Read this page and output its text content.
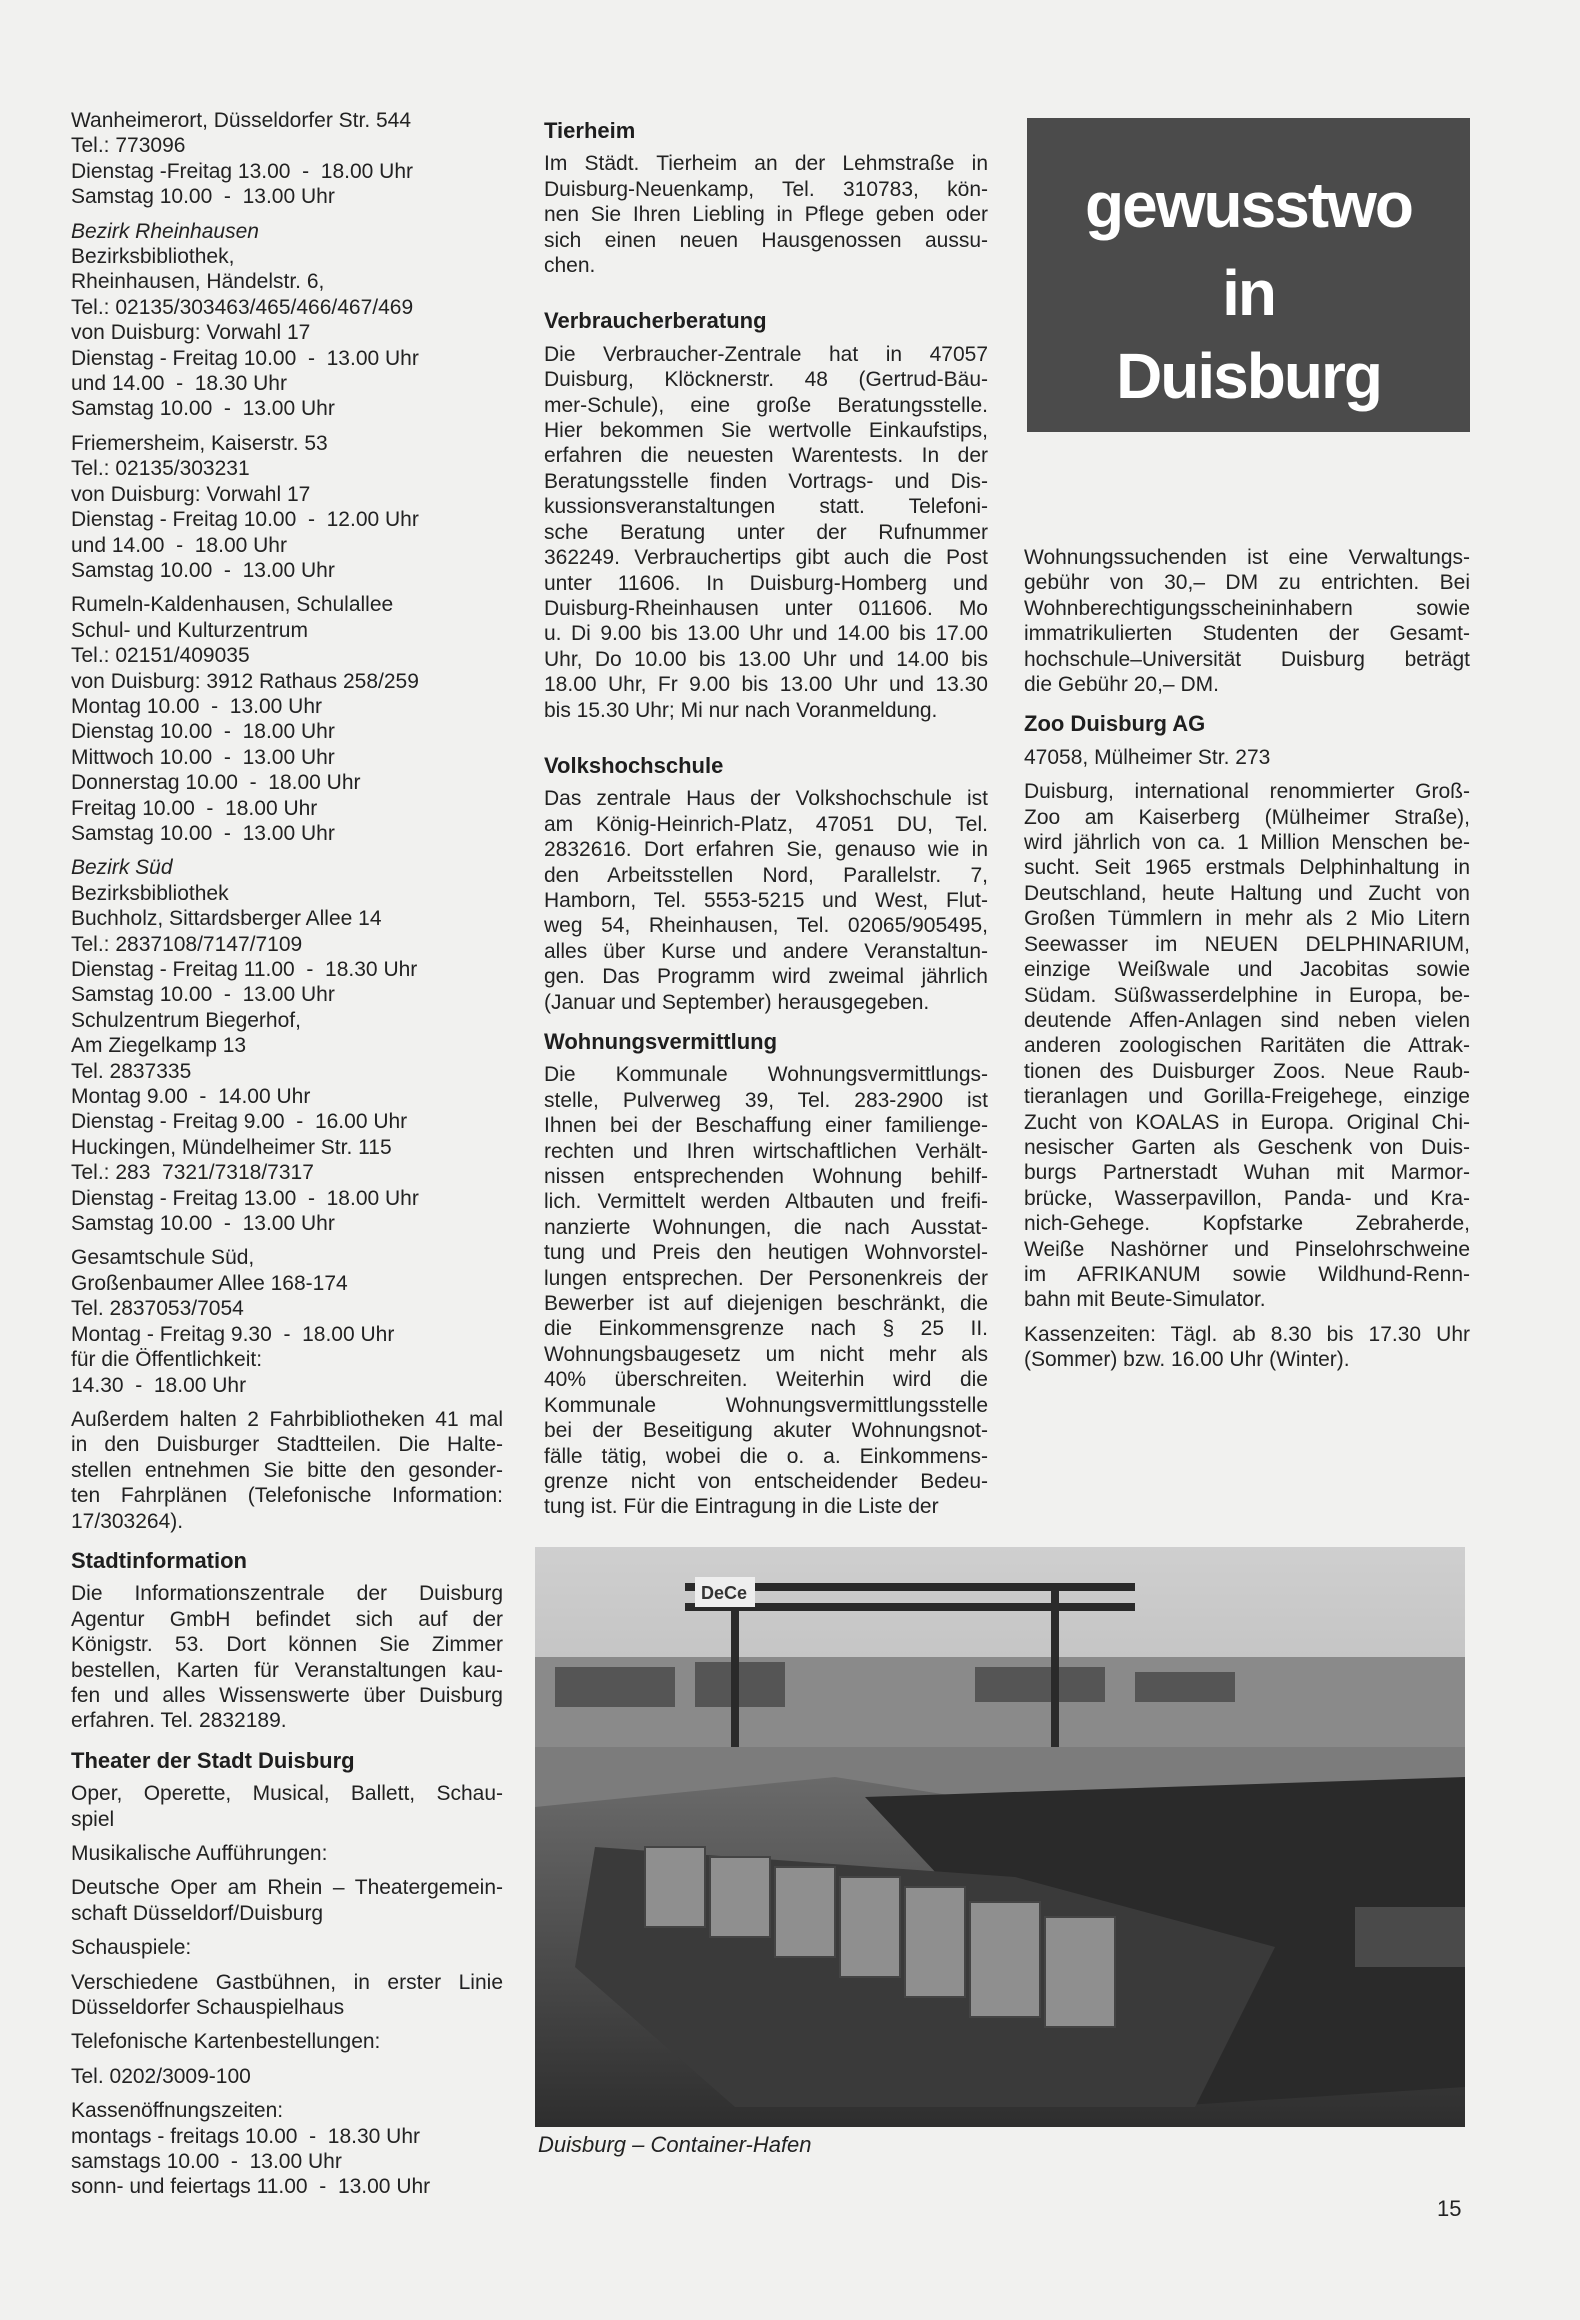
Wanheimerort, Düsseldorfer Str. 544
Tel.: 773096
Dienstag -Freitag 13.00  -  18.00 Uhr
Samstag 10.00  -  13.00 Uhr
Bezirk Rheinhausen
Bezirksbibliothek,
Rheinhausen, Händelstr. 6,
Tel.: 02135/303463/465/466/467/469
von Duisburg: Vorwahl 17
Dienstag - Freitag 10.00  -  13.00 Uhr
und 14.00  -  18.30 Uhr
Samstag 10.00  -  13.00 Uhr
Friemersheim, Kaiserstr. 53
Tel.: 02135/303231
von Duisburg: Vorwahl 17
Dienstag - Freitag 10.00  -  12.00 Uhr
und 14.00  -  18.00 Uhr
Samstag 10.00  -  13.00 Uhr
Rumeln-Kaldenhausen, Schulallee
Schul- und Kulturzentrum
Tel.: 02151/409035
von Duisburg: 3912 Rathaus 258/259
Montag 10.00  -  13.00 Uhr
Dienstag 10.00  -  18.00 Uhr
Mittwoch 10.00  -  13.00 Uhr
Donnerstag 10.00  -  18.00 Uhr
Freitag 10.00  -  18.00 Uhr
Samstag 10.00  -  13.00 Uhr
Bezirk Süd
Bezirksbibliothek
Buchholz, Sittardsberger Allee 14
Tel.: 2837108/7147/7109
Dienstag - Freitag 11.00  -  18.30 Uhr
Samstag 10.00  -  13.00 Uhr
Schulzentrum Biegerhof,
Am Ziegelkamp 13
Tel. 2837335
Montag 9.00  -  14.00 Uhr
Dienstag - Freitag 9.00  -  16.00 Uhr
Huckingen, Mündelheimer Str. 115
Tel.: 283  7321/7318/7317
Dienstag - Freitag 13.00  -  18.00 Uhr
Samstag 10.00  -  13.00 Uhr
Gesamtschule Süd,
Großenbaumer Allee 168-174
Tel. 2837053/7054
Montag - Freitag 9.30  -  18.00 Uhr
für die Öffentlichkeit:
14.30  -  18.00 Uhr
Außerdem halten 2 Fahrbibliotheken 41 mal
in den Duisburger Stadtteilen. Die Halte-
stellen entnehmen Sie bitte den gesonder-
ten Fahrplänen (Telefonische Information:
17/303264).
Stadtinformation
Die Informationszentrale der Duisburg
Agentur GmbH befindet sich auf der
Königstr. 53. Dort können Sie Zimmer
bestellen, Karten für Veranstaltungen kau-
fen und alles Wissenswerte über Duisburg
erfahren. Tel. 2832189.
Theater der Stadt Duisburg
Oper, Operette, Musical, Ballett, Schau-
spiel
Musikalische Aufführungen:
Deutsche Oper am Rhein – Theatergemein-
schaft Düsseldorf/Duisburg
Schauspiele:
Verschiedene Gastbühnen, in erster Linie
Düsseldorfer Schauspielhaus
Telefonische Kartenbestellungen:
Tel. 0202/3009-100
Kassenöffnungszeiten:
montags - freitags 10.00  -  18.30 Uhr
samstags 10.00  -  13.00 Uhr
sonn- und feiertags 11.00  -  13.00 Uhr
Tierheim
Im Städt. Tierheim an der Lehmstraße in
Duisburg-Neuenkamp, Tel. 310783, kön-
nen Sie Ihren Liebling in Pflege geben oder
sich einen neuen Hausgenossen aussu-
chen.
Verbraucherberatung
Die Verbraucher-Zentrale hat in 47057
Duisburg, Klöcknerstr. 48 (Gertrud-Bäu-
mer-Schule), eine große Beratungsstelle.
Hier bekommen Sie wertvolle Einkaufstips,
erfahren die neuesten Warentests. In der
Beratungsstelle finden Vortrags- und Dis-
kussionsveranstaltungen statt. Telefoni-
sche Beratung unter der Rufnummer
362249. Verbrauchertips gibt auch die Post
unter 11606. In Duisburg-Homberg und
Duisburg-Rheinhausen unter 011606. Mo
u. Di 9.00 bis 13.00 Uhr und 14.00 bis 17.00
Uhr, Do 10.00 bis 13.00 Uhr und 14.00 bis
18.00 Uhr, Fr 9.00 bis 13.00 Uhr und 13.30
bis 15.30 Uhr; Mi nur nach Voranmeldung.
Volkshochschule
Das zentrale Haus der Volkshochschule ist
am König-Heinrich-Platz, 47051 DU, Tel.
2832616. Dort erfahren Sie, genauso wie in
den Arbeitsstellen Nord, Parallelstr. 7,
Hamborn, Tel. 5553-5215 und West, Flut-
weg 54, Rheinhausen, Tel. 02065/905495,
alles über Kurse und andere Veranstaltun-
gen. Das Programm wird zweimal jährlich
(Januar und September) herausgegeben.
Wohnungsvermittlung
Die Kommunale Wohnungsvermittlungs-
stelle, Pulverweg 39, Tel. 283-2900 ist
Ihnen bei der Beschaffung einer familienge-
rechten und Ihren wirtschaftlichen Verhält-
nissen entsprechenden Wohnung behilf-
lich. Vermittelt werden Altbauten und freifi-
nanzierte Wohnungen, die nach Ausstat-
tung und Preis den heutigen Wohnvorstel-
lungen entsprechen. Der Personenkreis der
Bewerber ist auf diejenigen beschränkt, die
die Einkommensgrenze nach § 25 II.
Wohnungsbaugesetz um nicht mehr als
40% überschreiten. Weiterhin wird die
Kommunale Wohnungsvermittlungsstelle
bei der Beseitigung akuter Wohnungsnot-
fälle tätig, wobei die o. a. Einkommens-
grenze nicht von entscheidender Bedeu-
tung ist. Für die Eintragung in die Liste der
gewusstwo
in
Duisburg
Wohnungssuchenden ist eine Verwaltungs-
gebühr von 30,– DM zu entrichten. Bei
Wohnberechtigungsscheininhabern sowie
immatrikulierten Studenten der Gesamt-
hochschule–Universität Duisburg beträgt
die Gebühr 20,– DM.
Zoo Duisburg AG
47058, Mülheimer Str. 273
Duisburg, international renommierter Groß-
Zoo am Kaiserberg (Mülheimer Straße),
wird jährlich von ca. 1 Million Menschen be-
sucht. Seit 1965 erstmals Delphinhaltung in
Deutschland, heute Haltung und Zucht von
Großen Tümmlern in mehr als 2 Mio Litern
Seewasser im NEUEN DELPHINARIUM,
einzige Weißwale und Jacobitas sowie
Südam. Süßwasserdelphine in Europa, be-
deutende Affen-Anlagen sind neben vielen
anderen zoologischen Raritäten die Attrak-
tionen des Duisburger Zoos. Neue Raub-
tieranlagen und Gorilla-Freigehege, einzige
Zucht von KOALAS in Europa. Original Chi-
nesischer Garten als Geschenk von Duis-
burgs Partnerstadt Wuhan mit Marmor-
brücke, Wasserpavillon, Panda- und Kra-
nich-Gehege. Kopfstarke Zebraherde,
Weiße Nashörner und Pinselohrschweine
im AFRIKANUM sowie Wildhund-Renn-
bahn mit Beute-Simulator.
Kassenzeiten: Tägl. ab 8.30 bis 17.30 Uhr
(Sommer) bzw. 16.00 Uhr (Winter).
DeCe
Duisburg – Container-Hafen
15
